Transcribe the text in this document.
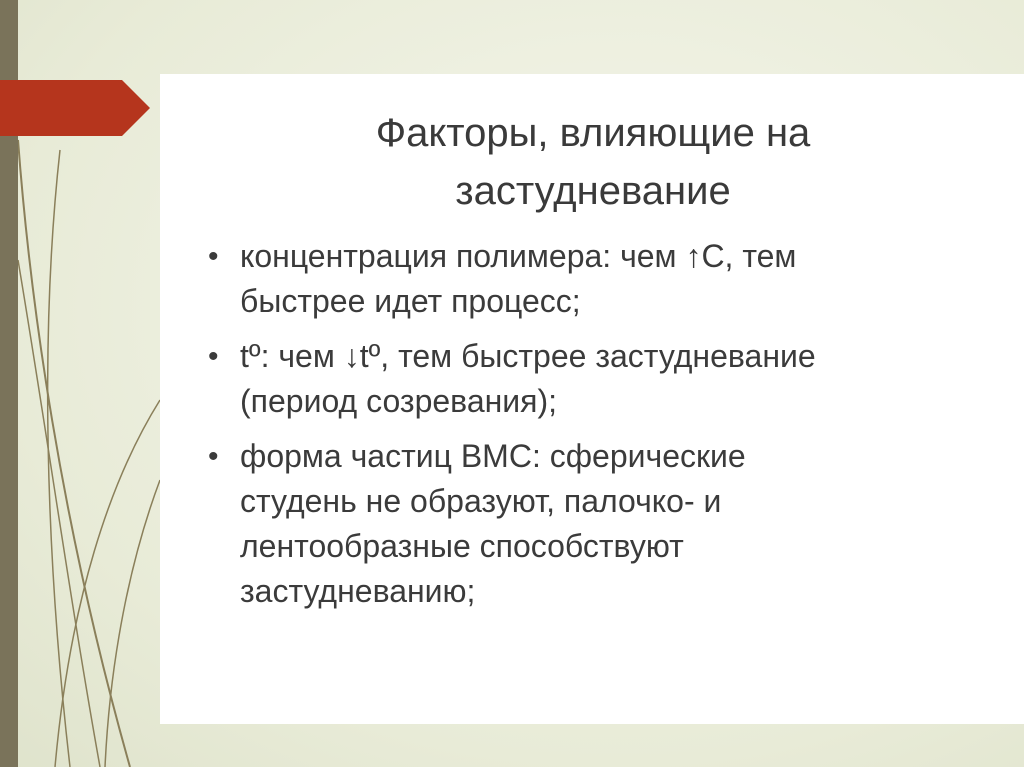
Факторы, влияющие на
застудневание
• концентрация полимера: чем ↑С, тем
быстрее идет процесс;
• tº: чем ↓tº, тем быстрее застудневание
(период созревания);
• форма частиц ВМС: сферические
студень не образуют, палочко- и
лентообразные способствуют
застудневанию;
